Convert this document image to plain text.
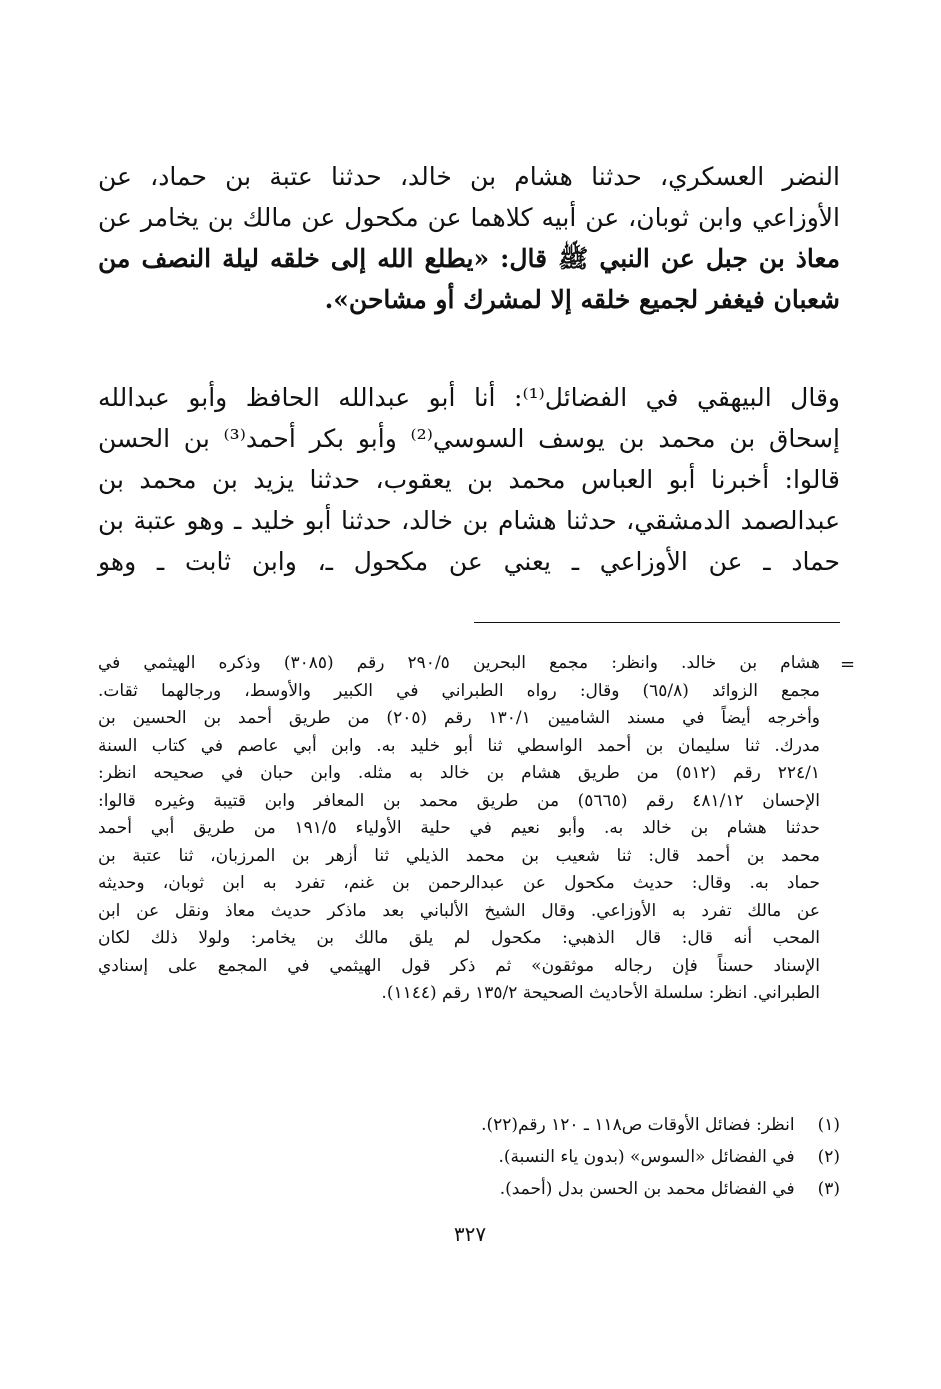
النضر العسكري، حدثنا هشام بن خالد، حدثنا عتبة بن حماد، عن
الأوزاعي وابن ثوبان، عن أبيه كلاهما عن مكحول عن مالك بن يخامر عن
معاذ بن جبل عن النبي ﷺ قال: «يطلع الله إلى خلقه ليلة النصف من
شعبان فيغفر لجميع خلقه إلا لمشرك أو مشاحن».
وقال البيهقي في الفضائل⁽¹⁾: أنا أبو عبدالله الحافظ وأبو عبدالله
إسحاق بن محمد بن يوسف السوسي⁽²⁾ وأبو بكر أحمد⁽³⁾ بن الحسن
قالوا: أخبرنا أبو العباس محمد بن يعقوب، حدثنا يزيد بن محمد بن
عبدالصمد الدمشقي، حدثنا هشام بن خالد، حدثنا أبو خليد ـ وهو عتبة بن
حماد ـ عن الأوزاعي ـ يعني عن مكحول ـ، وابن ثابت ـ وهو
=
هشام بن خالد. وانظر: مجمع البحرين ٢٩٠/٥ رقم (٣٠٨٥) وذكره الهيثمي في
مجمع الزوائد (٦٥/٨) وقال: رواه الطبراني في الكبير والأوسط، ورجالهما ثقات.
وأخرجه أيضاً في مسند الشاميين ١٣٠/١ رقم (٢٠٥) من طريق أحمد بن الحسين بن
مدرك. ثنا سليمان بن أحمد الواسطي ثنا أبو خليد به. وابن أبي عاصم في كتاب السنة
٢٢٤/١ رقم (٥١٢) من طريق هشام بن خالد به مثله. وابن حبان في صحيحه انظر:
الإحسان ٤٨١/١٢ رقم (٥٦٦٥) من طريق محمد بن المعافر وابن قتيبة وغيره قالوا:
حدثنا هشام بن خالد به. وأبو نعيم في حلية الأولياء ١٩١/٥ من طريق أبي أحمد
محمد بن أحمد قال: ثنا شعيب بن محمد الذيلي ثنا أزهر بن المرزبان، ثنا عتبة بن
حماد به. وقال: حديث مكحول عن عبدالرحمن بن غنم، تفرد به ابن ثوبان، وحديثه
عن مالك تفرد به الأوزاعي. وقال الشيخ الألباني بعد ماذكر حديث معاذ ونقل عن ابن
المحب أنه قال: قال الذهبي: مكحول لم يلق مالك بن يخامر: ولولا ذلك لكان
الإسناد حسناً فإن رجاله موثقون» ثم ذكر قول الهيثمي في المجمع على إسنادي
الطبراني. انظر: سلسلة الأحاديث الصحيحة ١٣٥/٢ رقم (١١٤٤).
(١) انظر: فضائل الأوقات ص١١٨ ـ ١٢٠ رقم(٢٢).
(٢) في الفضائل «السوس» (بدون ياء النسبة).
(٣) في الفضائل محمد بن الحسن بدل (أحمد).
٣٢٧
